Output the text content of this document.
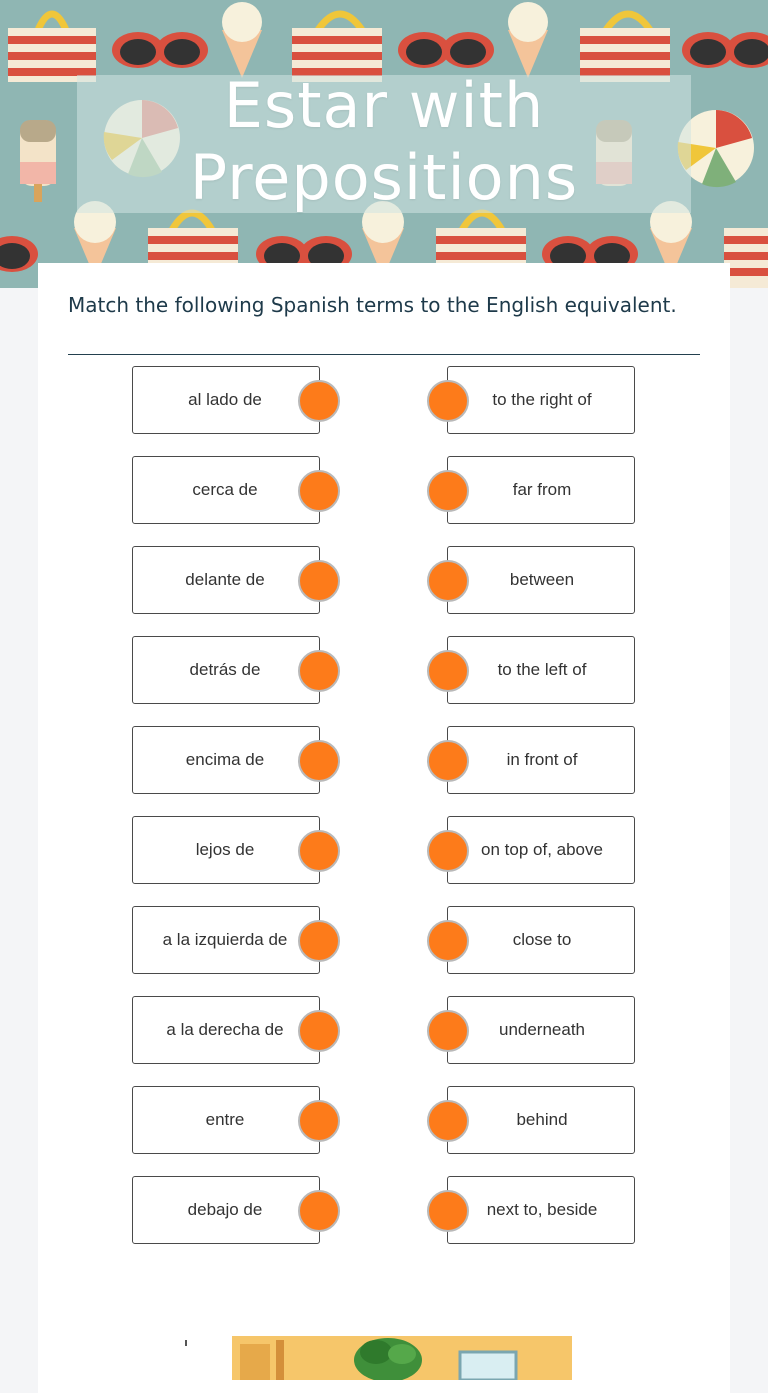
Estar with
Prepositions
Match the following Spanish terms to the English equivalent.
al lado de
cerca de
delante de
detrás de
encima de
lejos de
a la izquierda de
a la derecha de
entre
debajo de
to the right of
far from
between
to the left of
in front of
on top of, above
close to
underneath
behind
next to, beside
